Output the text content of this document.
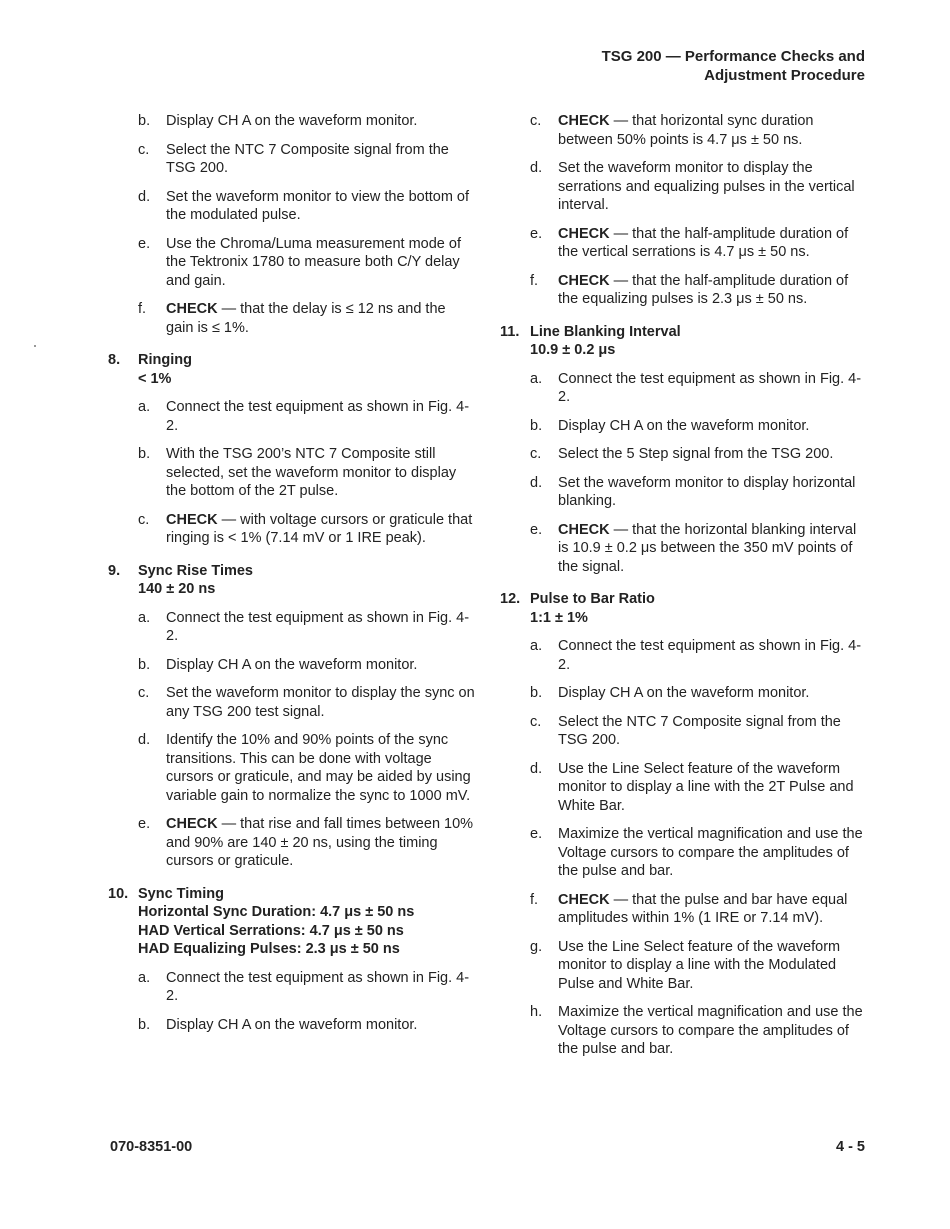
TSG 200 — Performance Checks and
Adjustment Procedure
b. Display CH A on the waveform monitor.
c. Select the NTC 7 Composite signal from the TSG 200.
d. Set the waveform monitor to view the bottom of the modulated pulse.
e. Use the Chroma/Luma measurement mode of the Tektronix 1780 to measure both C/Y delay and gain.
f. CHECK — that the delay is ≤ 12 ns and the gain is ≤ 1%.
8. Ringing
< 1%
a. Connect the test equipment as shown in Fig. 4-2.
b. With the TSG 200’s NTC 7 Composite still selected, set the waveform monitor to display the bottom of the 2T pulse.
c. CHECK — with voltage cursors or graticule that ringing is < 1% (7.14 mV or 1 IRE peak).
9. Sync Rise Times
140 ± 20 ns
a. Connect the test equipment as shown in Fig. 4-2.
b. Display CH A on the waveform monitor.
c. Set the waveform monitor to display the sync on any TSG 200 test signal.
d. Identify the 10% and 90% points of the sync transitions. This can be done with voltage cursors or graticule, and may be aided by using variable gain to normalize the sync to 1000 mV.
e. CHECK — that rise and fall times between 10% and 90% are 140 ± 20 ns, using the timing cursors or graticule.
10. Sync Timing
Horizontal Sync Duration: 4.7 μs ± 50 ns
HAD Vertical Serrations: 4.7 μs ± 50 ns
HAD Equalizing Pulses: 2.3 μs ± 50 ns
a. Connect the test equipment as shown in Fig. 4-2.
b. Display CH A on the waveform monitor.
c. CHECK — that horizontal sync duration between 50% points is 4.7 μs ± 50 ns.
d. Set the waveform monitor to display the serrations and equalizing pulses in the vertical interval.
e. CHECK — that the half-amplitude duration of the vertical serrations is 4.7 μs ± 50 ns.
f. CHECK — that the half-amplitude duration of the equalizing pulses is 2.3 μs ± 50 ns.
11. Line Blanking Interval
10.9 ± 0.2 μs
a. Connect the test equipment as shown in Fig. 4-2.
b. Display CH A on the waveform monitor.
c. Select the 5 Step signal from the TSG 200.
d. Set the waveform monitor to display horizontal blanking.
e. CHECK — that the horizontal blanking interval is 10.9 ± 0.2 μs between the 350 mV points of the signal.
12. Pulse to Bar Ratio
1:1 ± 1%
a. Connect the test equipment as shown in Fig. 4-2.
b. Display CH A on the waveform monitor.
c. Select the NTC 7 Composite signal from the TSG 200.
d. Use the Line Select feature of the waveform monitor to display a line with the 2T Pulse and White Bar.
e. Maximize the vertical magnification and use the Voltage cursors to compare the amplitudes of the pulse and bar.
f. CHECK — that the pulse and bar have equal amplitudes within 1% (1 IRE or 7.14 mV).
g. Use the Line Select feature of the waveform monitor to display a line with the Modulated Pulse and White Bar.
h. Maximize the vertical magnification and use the Voltage cursors to compare the amplitudes of the pulse and bar.
070-8351-00	4 - 5
